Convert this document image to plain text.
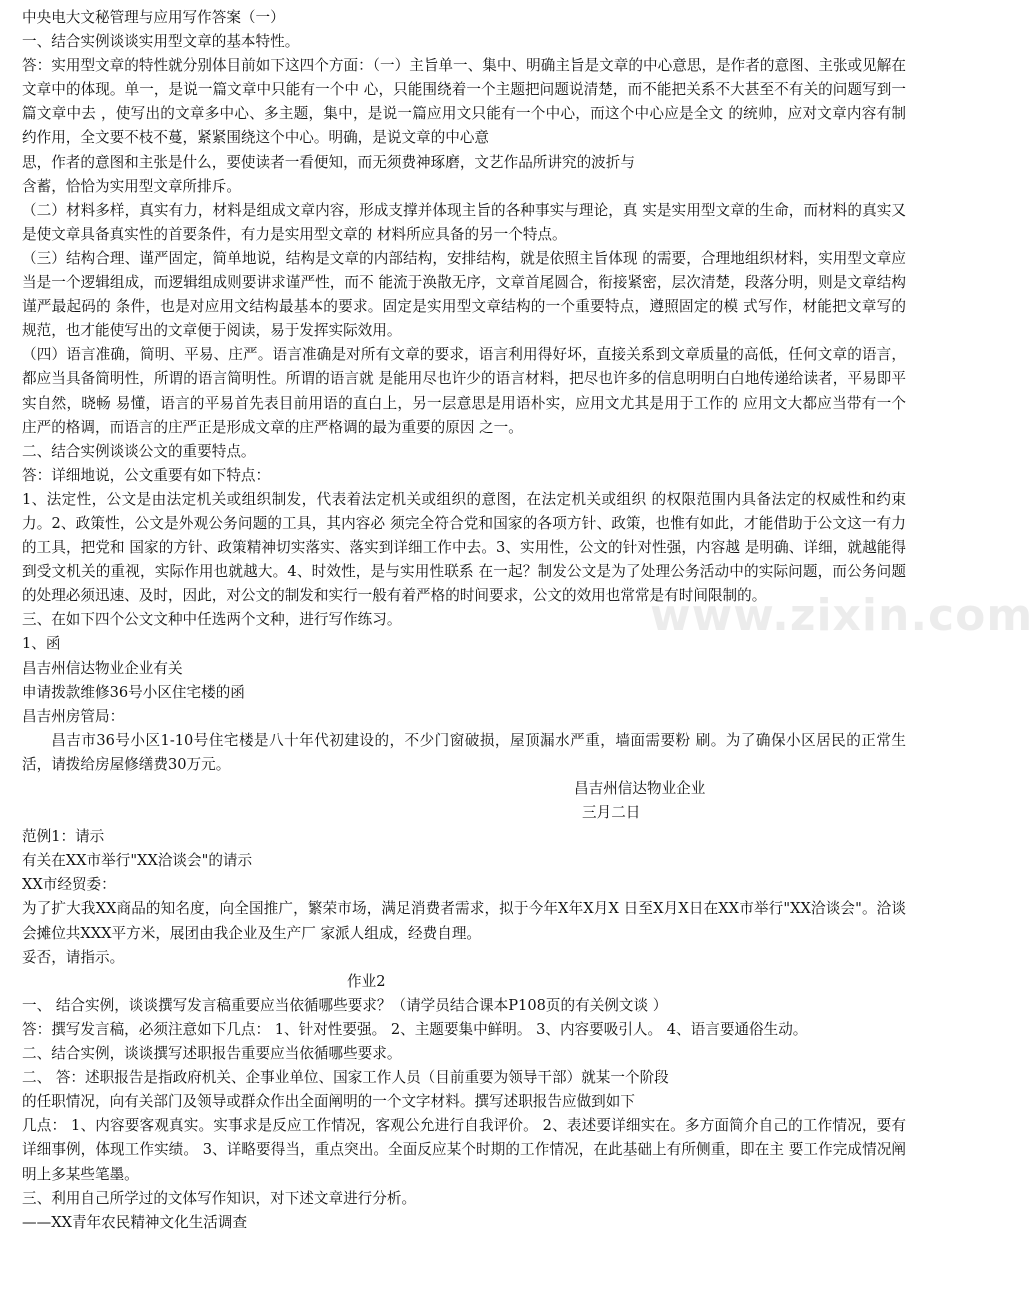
www.zixin.com

中央电大文秘管理与应用写作答案（一）

一、结合实例谈谈实用型文章的基本特性。

答：实用型文章的特性就分别体目前如下这四个方面：（一）主旨单一、集中、明确主旨是文章的中心意思，是作者的意图、主张或见解在文章中的体现。单一，是说一篇文章中只能有一个中 心，只能围绕着一个主题把问题说清楚，而不能把关系不大甚至不有关的问题写到一篇文章中去 ，使写出的文章多中心、多主题，集中，是说一篇应用文只能有一个中心，而这个中心应是全文 的统帅，应对文章内容有制约作用，全文要不枝不蔓，紧紧围绕这个中心。明确，是说文章的中心意

思，作者的意图和主张是什么，要使读者一看便知，而无须费神琢磨，文艺作品所讲究的波折与

含蓄，恰恰为实用型文章所排斥。

（二）材料多样，真实有力，材料是组成文章内容，形成支撑并体现主旨的各种事实与理论，真 实是实用型文章的生命，而材料的真实又是使文章具备真实性的首要条件，有力是实用型文章的 材料所应具备的另一个特点。

（三）结构合理、谨严固定，简单地说，结构是文章的内部结构，安排结构，就是依照主旨体现 的需要，合理地组织材料，实用型文章应当是一个逻辑组成，而逻辑组成则要讲求谨严性，而不 能流于涣散无序，文章首尾圆合，衔接紧密，层次清楚，段落分明，则是文章结构谨严最起码的 条件，也是对应用文结构最基本的要求。固定是实用型文章结构的一个重要特点，遵照固定的模 式写作，材能把文章写的规范，也才能使写出的文章便于阅读，易于发挥实际效用。

（四）语言准确，简明、平易、庄严。语言准确是对所有文章的要求，语言利用得好坏，直接关系到文章质量的高低，任何文章的语言，都应当具备简明性，所谓的语言简明性。所谓的语言就 是能用尽也许少的语言材料，把尽也许多的信息明明白白地传递给读者，平易即平实自然，晓畅 易懂，语言的平易首先表目前用语的直白上，另一层意思是用语朴实，应用文尤其是用于工作的 应用文大都应当带有一个庄严的格调，而语言的庄严正是形成文章的庄严格调的最为重要的原因 之一。

二、结合实例谈谈公文的重要特点。

答：详细地说，公文重要有如下特点：

1、法定性，公文是由法定机关或组织制发，代表着法定机关或组织的意图，在法定机关或组织 的权限范围内具备法定的权威性和约束力。2、政策性，公文是外观公务问题的工具，其内容必 须完全符合党和国家的各项方针、政策，也惟有如此，才能借助于公文这一有力的工具，把党和 国家的方针、政策精神切实落实、落实到详细工作中去。3、实用性，公文的针对性强，内容越 是明确、详细，就越能得到受文机关的重视，实际作用也就越大。4、时效性，是与实用性联系 在一起？制发公文是为了处理公务活动中的实际问题，而公务问题的处理必须迅速、及时，因此，对公文的制发和实行一般有着严格的时间要求，公文的效用也常常是有时间限制的。

三、在如下四个公文文种中任选两个文种，进行写作练习。

1、函

昌吉州信达物业企业有关

申请拨款维修36号小区住宅楼的函

昌吉州房管局：

昌吉市36号小区1-10号住宅楼是八十年代初建设的，不少门窗破损，屋顶漏水严重，墙面需要粉 刷。为了确保小区居民的正常生活，请拨给房屋修缮费30万元。

昌吉州信达物业企业

三月二日

范例1：请示

有关在XX市举行"XX洽谈会"的请示

XX市经贸委：

为了扩大我XX商品的知名度，向全国推广，繁荣市场，满足消费者需求，拟于今年X年X月X 日至X月X日在XX市举行"XX洽谈会"。洽谈会摊位共XXX平方米，展团由我企业及生产厂 家派人组成，经费自理。

妥否，请指示。

作业2

一、 结合实例，谈谈撰写发言稿重要应当依循哪些要求？（请学员结合课本P108页的有关例文谈 ）

答：撰写发言稿，必须注意如下几点： 1、针对性要强。 2、主题要集中鲜明。 3、内容要吸引人。 4、语言要通俗生动。

二、结合实例，谈谈撰写述职报告重要应当依循哪些要求。

二、 答：述职报告是指政府机关、企事业单位、国家工作人员（目前重要为领导干部）就某一个阶段

的任职情况，向有关部门及领导或群众作出全面阐明的一个文字材料。撰写述职报告应做到如下

几点： 1、内容要客观真实。实事求是反应工作情况，客观公允进行自我评价。 2、表述要详细实在。多方面简介自己的工作情况，要有详细事例，体现工作实绩。 3、详略要得当，重点突出。全面反应某个时期的工作情况，在此基础上有所侧重，即在主 要工作完成情况阐明上多某些笔墨。

三、利用自己所学过的文体写作知识，对下述文章进行分析。

——XX青年农民精神文化生活调查
